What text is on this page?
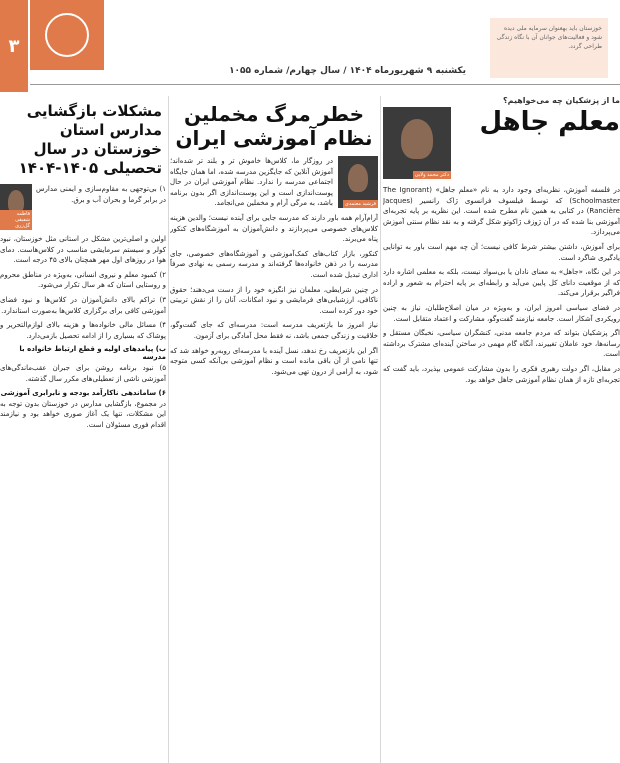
۳
یکشنبه ۹ شهریورماه ۱۴۰۴ / سال چهارم/ شماره ۱۰۵۵
خوزستان باید بهعنوان سرمایه ملی دیده شود و فعالیت‌های جوانان آن با نگاه زندگی طراحی گردد.
ما از پزشکیان چه می‌خواهیم؟
معلم جاهل
دکتر محمد ولایی

در فلسفه آموزش، نظریه‌ای وجود دارد به نام «معلم جاهل» (The Ignorant Schoolmaster) که توسط فیلسوف فرانسوی ژاک رانسیر (Jacques Rancière) در کتابی به همین نام مطرح شده است. این نظریه بر پایه تجربه‌ای آموزشی بنا شده که در آن ژوزف ژاکوتو شکل گرفته و به نقد نظام سنتی آموزش می‌پردازد.

برای آموزش، داشتن بیشتر شرط کافی نیست؛ آن چه مهم است باور به توانایی یادگیری شاگرد است.

در این نگاه، «جاهل» به معنای نادان یا بی‌سواد نیست، بلکه به معلمی اشاره دارد که از موقعیت دانای کل پایین می‌آید و رابطه‌ای بر پایه احترام به شعور و اراده فراگیر برقرار می‌کند.

در فضای سیاسی امروز ایران، و به‌ویژه در میان اصلاح‌طلبان، نیاز به چنین رویکردی آشکار است. جامعه نیازمند گفت‌وگو، مشارکت و اعتماد متقابل است.

اگر پزشکیان بتواند که مردم جامعه مدنی، کنشگران سیاسی، نخبگان مستقل و رسانه‌ها، خود عاملان تغییرند، آنگاه گام مهمی در ساختن آینده‌ای مشترک برداشته است.

در مقابل، اگر دولت رهبری فکری را بدون مشارکت عمومی بپذیرد، باید گفت که تجربه‌ای تازه از همان نظام آموزشی جاهل خواهد بود.

خطر مرگ مخملین نظام آموزشی ایران
فرشید معتمدی

در روزگار ما، کلاس‌ها خاموش‌ تر و بلند‌ تر شده‌اند؛ آموزش آنلاین که جایگزین مدرسه شده، اما همان جایگاه اجتماعی مدرسه را ندارد. نظام آموزشی ایران در حال پوست‌اندازی است و این پوست‌اندازی اگر بدون برنامه باشد، به مرگی آرام و مخملین می‌انجامد.

آرام‌آرام همه باور دارند که مدرسه جایی برای آینده نیست؛ والدین هزینه کلاس‌های خصوصی می‌پردازند و دانش‌آموزان به آموزشگاه‌های کنکور پناه می‌برند.

کنکور، بازار کتاب‌های کمک‌آموزشی و آموزشگاه‌های خصوصی، جای مدرسه را در ذهن خانواده‌ها گرفته‌اند و مدرسه رسمی به نهادی صرفاً اداری تبدیل شده است.

در چنین شرایطی، معلمان نیز انگیزه خود را از دست می‌دهند؛ حقوق ناکافی، ارزشیابی‌های فرمایشی و نبود امکانات، آنان را از نقش تربیتی خود دور کرده است.

نیاز امروز ما بازتعریف مدرسه است: مدرسه‌ای که جای گفت‌وگو، خلاقیت و زندگی جمعی باشد، نه فقط محل آمادگی برای آزمون.

اگر این بازتعریف رخ ندهد، نسل آینده با مدرسه‌ای روبه‌رو خواهد شد که تنها نامی از آن باقی مانده است و نظام آموزشی بی‌آنکه کسی متوجه شود، به آرامی از درون تهی می‌شود.

مشکلات بازگشایی مدارس استان خوزستان در سال تحصیلی ۱۴۰۵-۱۴۰۴

۱) بی‌توجهی به مقاوم‌سازی و ایمنی مدارس در برابر گرما و بحران آب و برق.

فاطمه شفیقی گل‌زری

اولین و اصلی‌ترین مشکل در استانی مثل خوزستان، نبود کولر و سیستم سرمایشی مناسب در کلاس‌هاست. دمای هوا در روزهای اول مهر همچنان بالای ۴۵ درجه است.

۲) کمبود معلم و نیروی انسانی، به‌ویژه در مناطق محروم و روستایی استان که هر سال تکرار می‌شود.

۳) تراکم بالای دانش‌آموزان در کلاس‌ها و نبود فضای آموزشی کافی برای برگزاری کلاس‌ها به‌صورت استاندارد.

۴) مسائل مالی خانواده‌ها و هزینه بالای لوازم‌التحریر و پوشاک که بسیاری را از ادامه تحصیل بازمی‌دارد.

ب) پیامدهای اولیه و قطع ارتباط خانواده با مدرسه

۵) نبود برنامه روشن برای جبران عقب‌ماندگی‌های آموزشی ناشی از تعطیلی‌های مکرر سال گذشته.

۶) ساماندهی ناکارآمد بودجه و نابرابری آموزشی

در مجموع، بازگشایی مدارس در خوزستان بدون توجه به این مشکلات، تنها یک آغاز صوری خواهد بود و نیازمند اقدام فوری مسئولان است.
